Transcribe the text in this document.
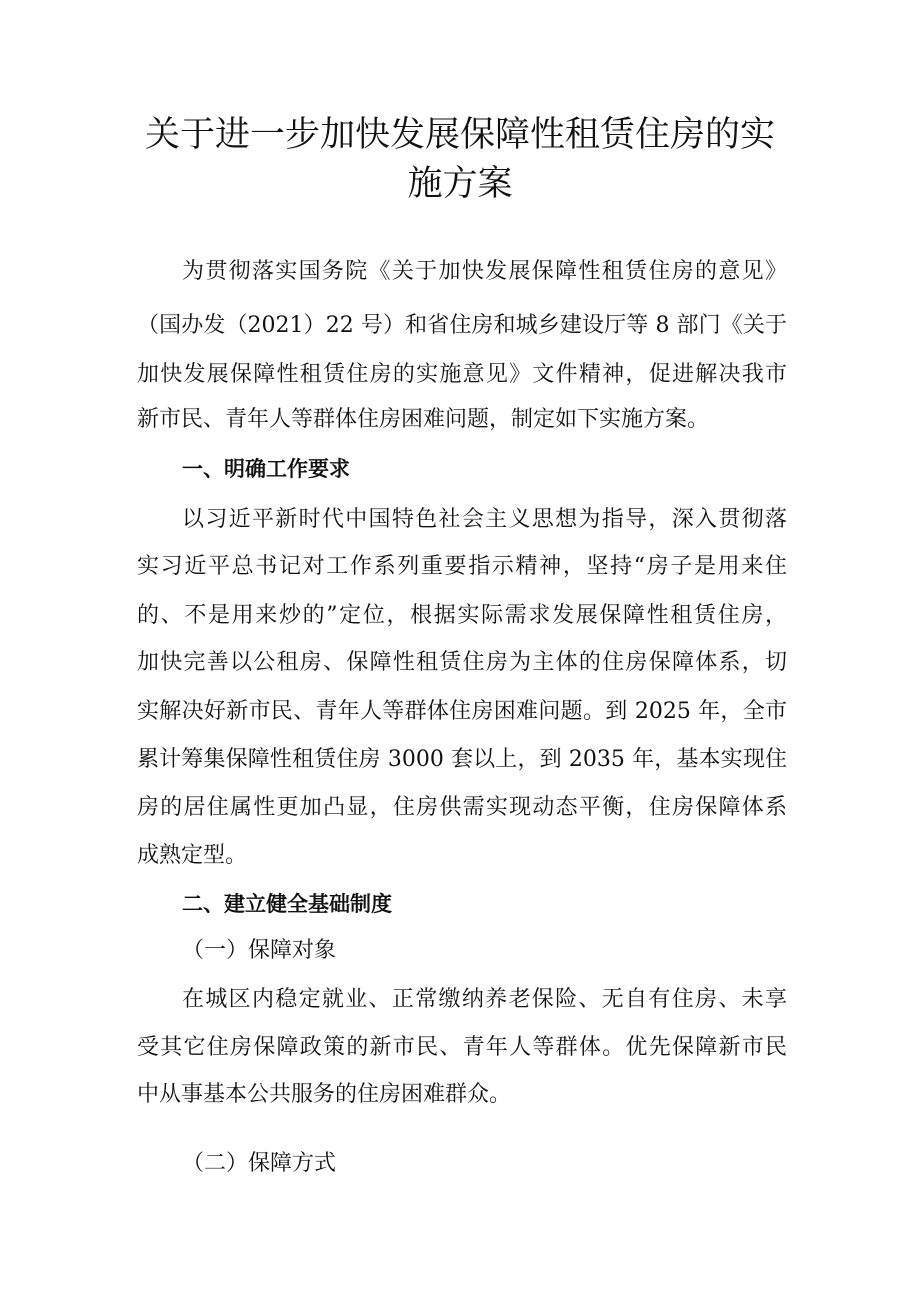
关于进一步加快发展保障性租赁住房的实
施方案

为贯彻落实国务院《关于加快发展保障性租赁住房的意见》

（国办发（2021）22 号）和省住房和城乡建设厅等 8 部门《关于

加快发展保障性租赁住房的实施意见》文件精神，促进解决我市

新市民、青年人等群体住房困难问题，制定如下实施方案。

一、明确工作要求

以习近平新时代中国特色社会主义思想为指导，深入贯彻落

实习近平总书记对工作系列重要指示精神，坚持“房子是用来住

的、不是用来炒的”定位，根据实际需求发展保障性租赁住房，

加快完善以公租房、保障性租赁住房为主体的住房保障体系，切

实解决好新市民、青年人等群体住房困难问题。到 2025 年，全市

累计筹集保障性租赁住房 3000 套以上，到 2035 年，基本实现住

房的居住属性更加凸显，住房供需实现动态平衡，住房保障体系

成熟定型。

二、建立健全基础制度

（一）保障对象

在城区内稳定就业、正常缴纳养老保险、无自有住房、未享

受其它住房保障政策的新市民、青年人等群体。优先保障新市民

中从事基本公共服务的住房困难群众。

（二）保障方式
